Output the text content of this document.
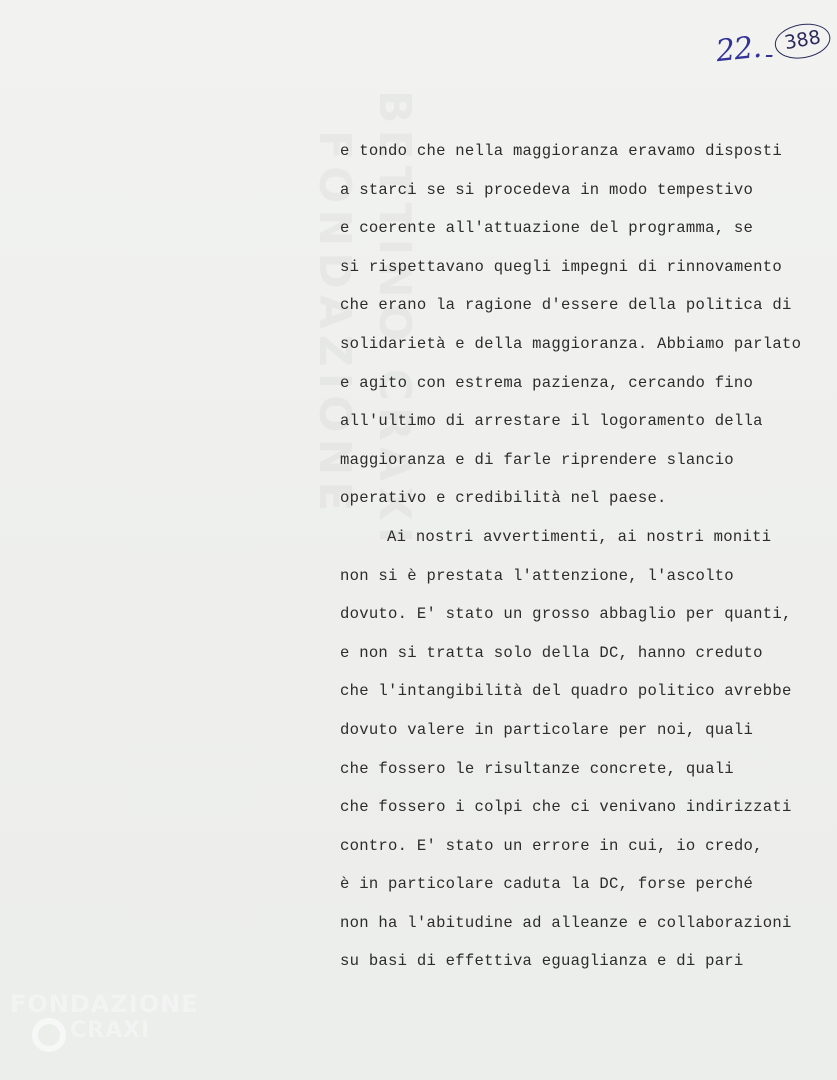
22. - 388
e tondo che nella maggioranza eravamo disposti
a starci se si procedeva in modo tempestivo
e coerente all'attuazione del programma, se
si rispettavano quegli impegni di rinnovamento
che erano la ragione d'essere della politica di
solidarietà e della maggioranza. Abbiamo parlato
e agito con estrema pazienza, cercando fino
all'ultimo di arrestare il logoramento della
maggioranza e di farle riprendere slancio
operativo e credibilità nel paese.
Ai nostri avvertimenti, ai nostri moniti
non si è prestata l'attenzione, l'ascolto
dovuto. E' stato un grosso abbaglio per quanti,
e non si tratta solo della DC, hanno creduto
che l'intangibilità del quadro politico avrebbe
dovuto valere in particolare per noi, quali
che fossero le risultanze concrete, quali
che fossero i colpi che ci venivano indirizzati
contro. E' stato un errore in cui, io credo,
è in particolare caduta la DC, forse perché
non ha l'abitudine ad alleanze e collaborazioni
su basi di effettiva eguaglianza e di pari
FONDAZIONE
CRAXI
